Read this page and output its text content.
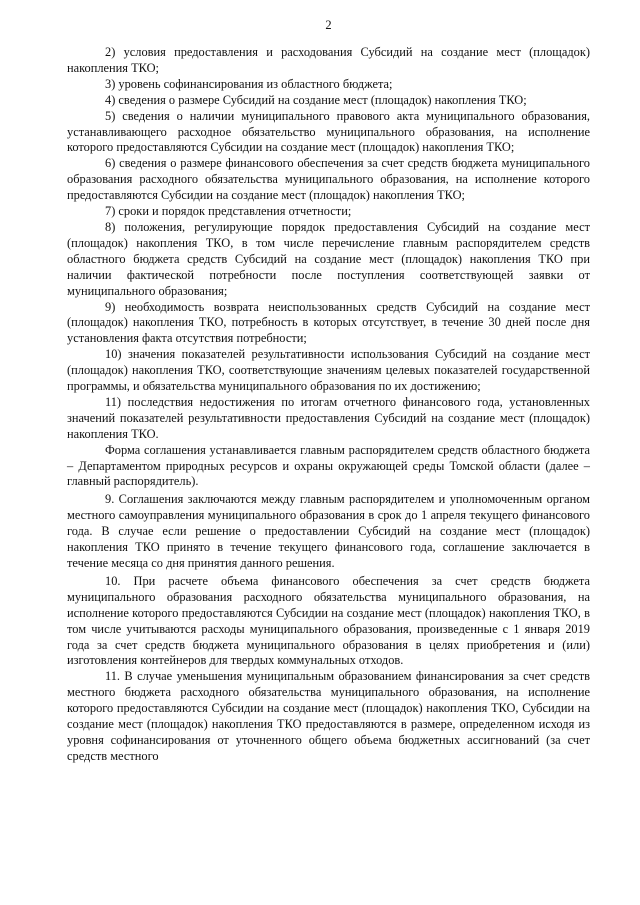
2

2) условия предоставления и расходования Субсидий на создание мест (площадок) накопления ТКО;

3) уровень софинансирования из областного бюджета;

4) сведения о размере Субсидий на создание мест (площадок) накопления ТКО;

5) сведения о наличии муниципального правового акта муниципального образования, устанавливающего расходное обязательство муниципального образования, на исполнение которого предоставляются Субсидии на создание мест (площадок) накопления ТКО;

6) сведения о размере финансового обеспечения за счет средств бюджета муниципального образования расходного обязательства муниципального образования, на исполнение которого предоставляются Субсидии на создание мест (площадок) накопления ТКО;

7) сроки и порядок представления отчетности;

8) положения, регулирующие порядок предоставления Субсидий на создание мест (площадок) накопления ТКО, в том числе перечисление главным распорядителем средств областного бюджета средств Субсидий на создание мест (площадок) накопления ТКО при наличии фактической потребности после поступления соответствующей заявки от муниципального образования;

9) необходимость возврата неиспользованных средств Субсидий на создание мест (площадок) накопления ТКО, потребность в которых отсутствует, в течение 30 дней после дня установления факта отсутствия потребности;

10) значения показателей результативности использования Субсидий на создание мест (площадок) накопления ТКО, соответствующие значениям целевых показателей государственной программы, и обязательства муниципального образования по их достижению;

11) последствия недостижения по итогам отчетного финансового года, установленных значений показателей результативности предоставления Субсидий на создание мест (площадок) накопления ТКО.

Форма соглашения устанавливается главным распорядителем средств областного бюджета – Департаментом природных ресурсов и охраны окружающей среды Томской области (далее – главный распорядитель).

9. Соглашения заключаются между главным распорядителем и уполномоченным органом местного самоуправления муниципального образования в срок до 1 апреля текущего финансового года. В случае если решение о предоставлении Субсидий на создание мест (площадок) накопления ТКО принято в течение текущего финансового года, соглашение заключается в течение месяца со дня принятия данного решения.

10. При расчете объема финансового обеспечения за счет средств бюджета муниципального образования расходного обязательства муниципального образования, на исполнение которого предоставляются Субсидии на создание мест (площадок) накопления ТКО, в том числе учитываются расходы муниципального образования, произведенные с 1 января 2019 года за счет средств бюджета муниципального образования в целях приобретения и (или) изготовления контейнеров для твердых коммунальных отходов.

11. В случае уменьшения муниципальным образованием финансирования за счет средств местного бюджета расходного обязательства муниципального образования, на исполнение которого предоставляются Субсидии на создание мест (площадок) накопления ТКО, Субсидии на создание мест (площадок) накопления ТКО предоставляются в размере, определенном исходя из уровня софинансирования от уточненного общего объема бюджетных ассигнований (за счет средств местного
